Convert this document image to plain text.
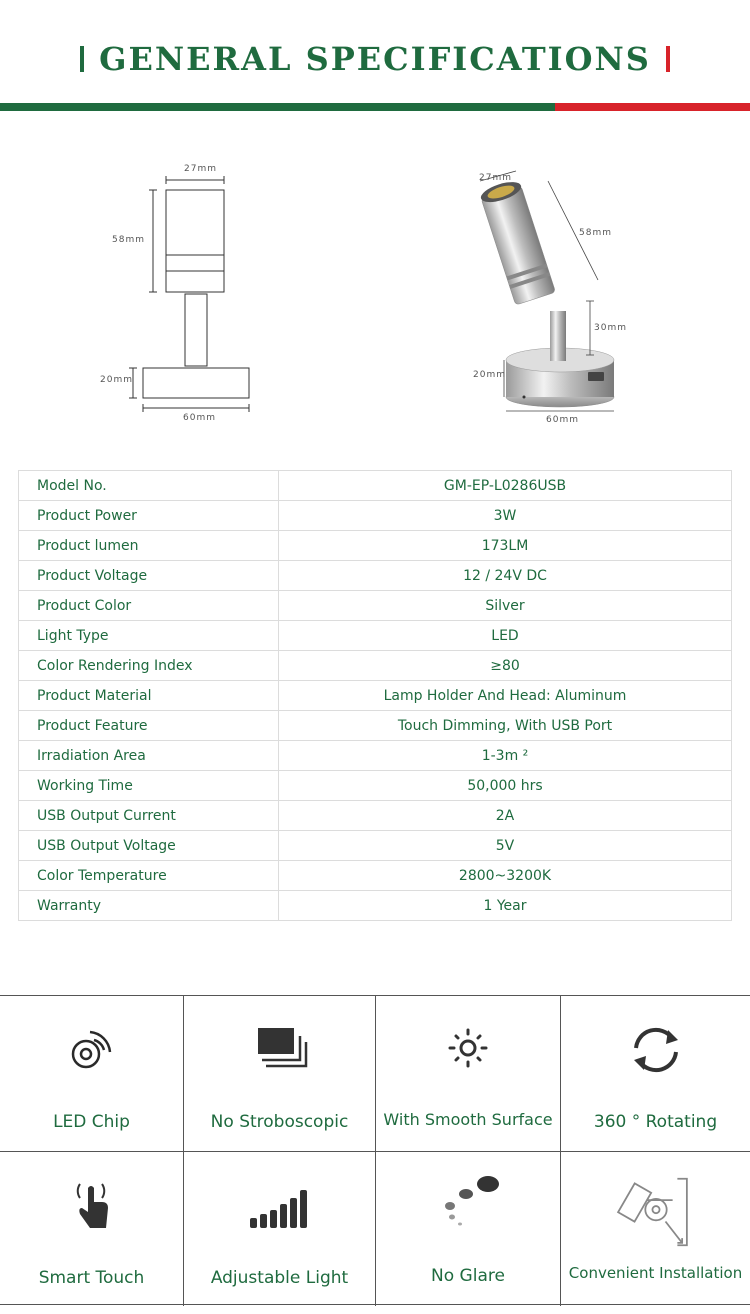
GENERAL SPECIFICATIONS
27mm
58mm
20mm
60mm
27mm
58mm
30mm
20mm
60mm
Model No.	GM-EP-L0286USB
Product Power	3W
Product lumen	173LM
Product Voltage	12 / 24V DC
Product Color	Silver
Light Type	LED
Color Rendering Index	≥80
Product Material	Lamp Holder And Head: Aluminum
Product Feature	Touch Dimming, With USB Port
Irradiation Area	1-3m ²
Working Time	50,000 hrs
USB Output Current	2A
USB Output Voltage	5V
Color Temperature	2800~3200K
Warranty	1 Year
LED Chip	No Stroboscopic	With Smooth Surface	360 ° Rotating
Smart Touch	Adjustable Light	No Glare	Convenient Installation
